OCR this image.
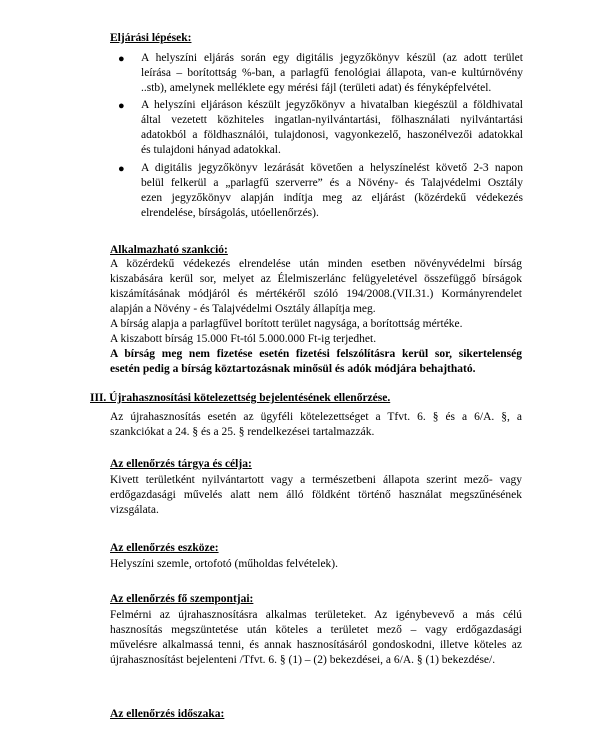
Eljárási lépések:
● A helyszíni eljárás során egy digitális jegyzőkönyv készül (az adott terület
leírása – borítottság %-ban, a parlagfű fenológiai állapota, van-e kultúrnövény
..stb), amelynek melléklete egy mérési fájl (területi adat) és fényképfelvétel.
● A helyszíni eljáráson készült jegyzőkönyv a hivatalban kiegészül a földhivatal
által vezetett közhiteles ingatlan-nyilvántartási, fölhasználati nyilvántartási
adatokból a földhasználói, tulajdonosi, vagyonkezelő, haszonélvezői adatokkal
és tulajdoni hányad adatokkal.
● A digitális jegyzőkönyv lezárását követően a helyszínelést követő 2-3 napon
belül felkerül a „parlagfű szerverre” és a Növény- és Talajvédelmi Osztály
ezen jegyzőkönyv alapján indítja meg az eljárást (közérdekű védekezés
elrendelése, bírságolás, utóellenőrzés).
Alkalmazható szankció:
A közérdekű védekezés elrendelése után minden esetben növényvédelmi bírság
kiszabására kerül sor, melyet az Élelmiszerlánc felügyeletével összefüggő bírságok
kiszámításának módjáról és mértékéről szóló 194/2008.(VII.31.) Kormányrendelet
alapján a Növény - és Talajvédelmi Osztály állapítja meg.
A bírság alapja a parlagfűvel borított terület nagysága, a borítottság mértéke.
A kiszabott bírság 15.000 Ft-tól 5.000.000 Ft-ig terjedhet.
A bírság meg nem fizetése esetén fizetési felszólításra kerül sor, sikertelenség
esetén pedig a bírság köztartozásnak minősül és adók módjára behajtható.
III. Újrahasznosítási kötelezettség bejelentésének ellenőrzése.
Az újrahasznosítás esetén az ügyféli kötelezettséget a Tfvt. 6. § és a 6/A. §, a
szankciókat a 24. § és a 25. § rendelkezései tartalmazzák.
Az ellenőrzés tárgya és célja:
Kivett területként nyilvántartott vagy a természetbeni állapota szerint mező- vagy
erdőgazdasági művelés alatt nem álló földként történő használat megszűnésének
vizsgálata.
Az ellenőrzés eszköze:
Helyszíni szemle, ortofotó (műholdas felvételek).
Az ellenőrzés fő szempontjai:
Felmérni az újrahasznosításra alkalmas területeket. Az igénybevevő a más célú
hasznosítás megszüntetése után köteles a területet mező – vagy erdőgazdasági
művelésre alkalmassá tenni, és annak hasznosításáról gondoskodni, illetve köteles az
újrahasznosítást bejelenteni /Tfvt. 6. § (1) – (2) bekezdései, a 6/A. § (1) bekezdése/.
Az ellenőrzés időszaka:
